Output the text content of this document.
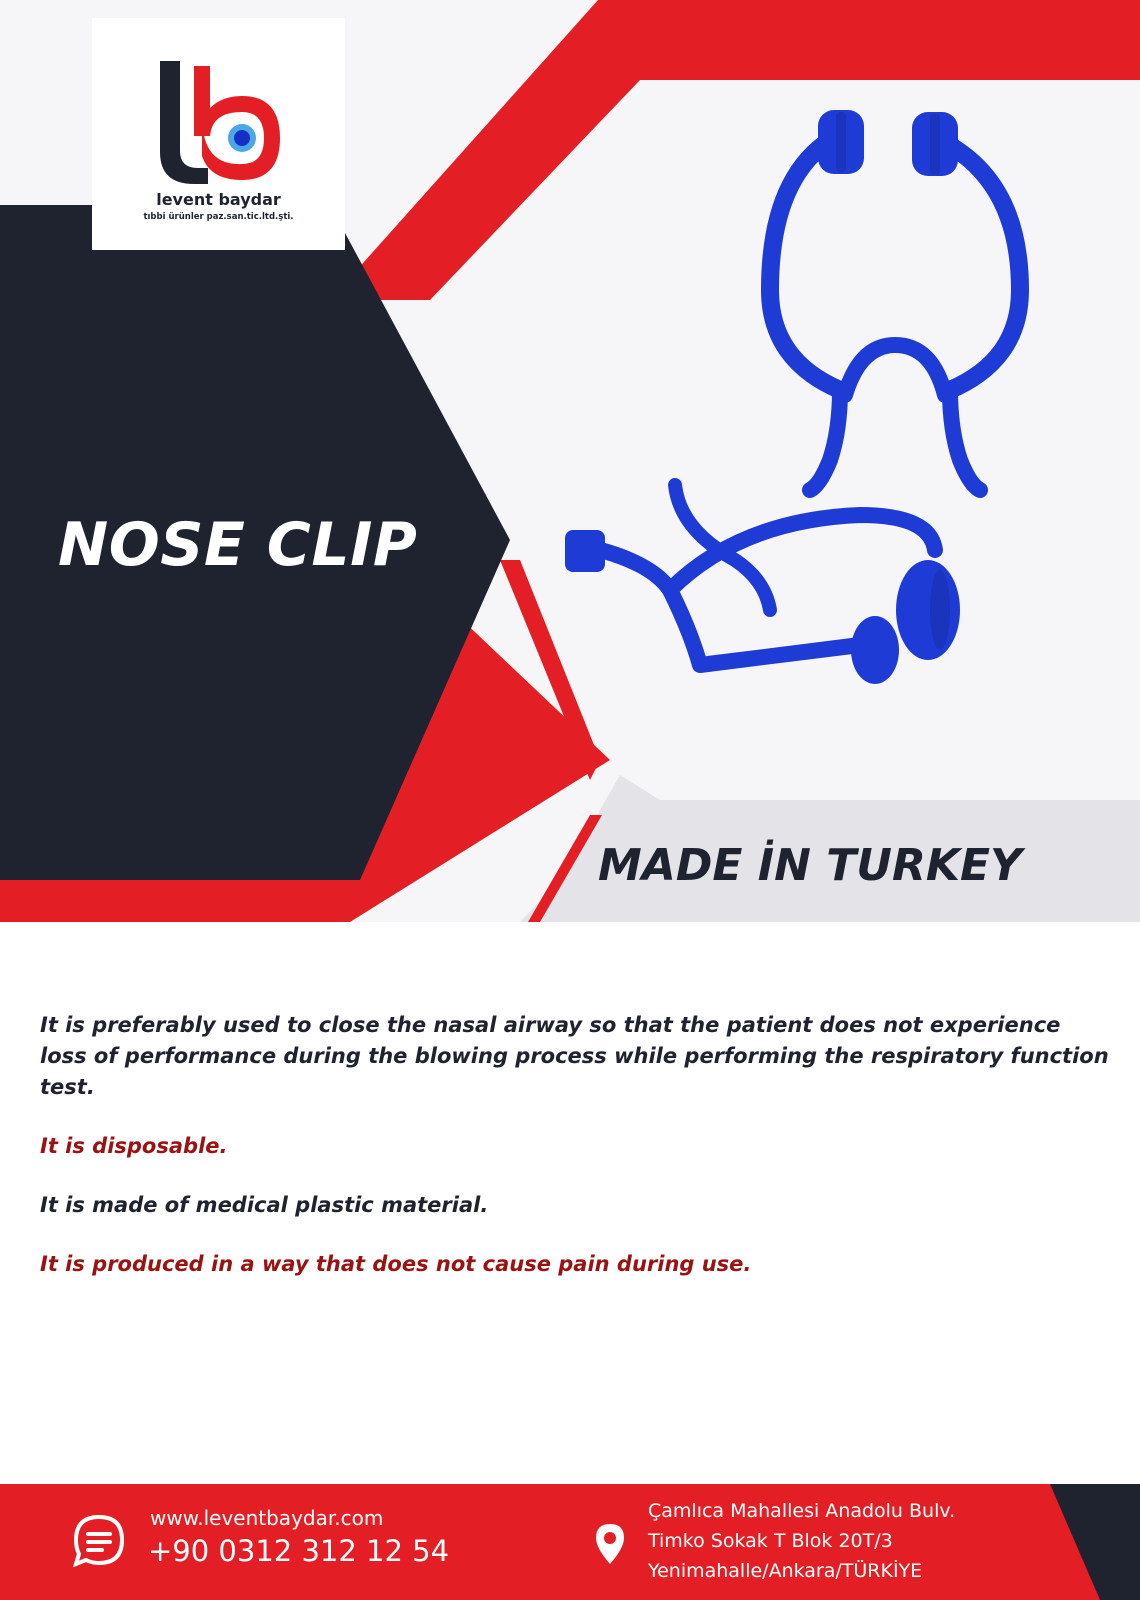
levent baydar
tıbbi ürünler paz.san.tic.ltd.şti.
NOSE CLIP
MADE İN TURKEY

It is preferably used to close the nasal airway so that the patient does not experience loss of performance during the blowing process while performing the respiratory function test.

It is disposable.

It is made of medical plastic material.

It is produced in a way that does not cause pain during use.

www.leventbaydar.com
+90 0312 312 12 54
Çamlıca Mahallesi Anadolu Bulv.
Timko Sokak T Blok 20T/3
Yenimahalle/Ankara/TÜRKİYE
